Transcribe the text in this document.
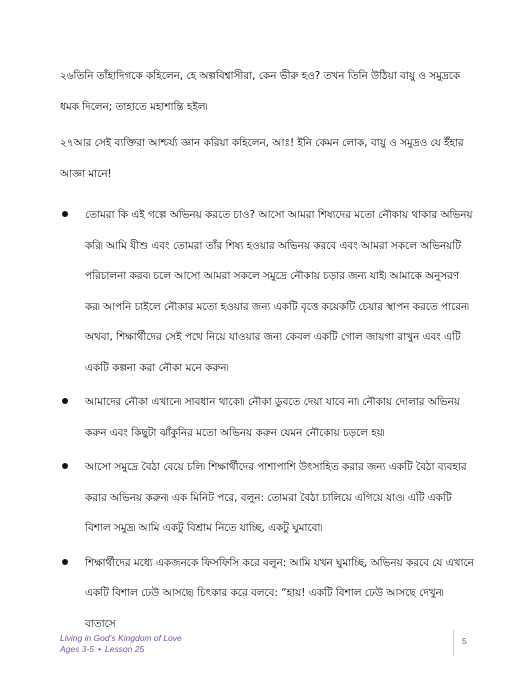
২৬তিনি তাঁহাদিগকে কহিলেন, হে অল্পবিশ্বাসীরা, কেন ভীরু হও? তখন তিনি উঠিয়া বায়ু ও সমুদ্রকে ধমক দিলেন; তাহাতে মহাশান্তি হইল৷

২৭আর সেই ব্যক্তিরা আশ্চর্য্য জ্ঞান করিয়া কহিলেন, আঃ! ইনি কেমন লোক, বায়ু ও সমুদ্রও যে ইঁহার আজ্ঞা মানে!

তোমরা কি এই গল্পে অভিনয় করতে চাও? আসো আমরা শিষ্যদের মতো নৌকায় থাকার অভিনয় করি৷ আমি যীশু এবং তোমরা তাঁর শিষ্য হওয়ার অভিনয় করবে এবং আমরা সকলে অভিনয়টি পরিচালনা করব৷ চলে আসো আমরা সকলে সমুদ্রে নৌকায় চড়ার জন্য যাই৷ আমাকে অনুসরণ কর৷ আপনি চাইলে নৌকার মতো হওয়ার জন্য একটি বৃত্তে কয়েকটি চেয়ার স্থাপন করতে পারেন৷ অথবা, শিক্ষার্থীদের সেই পথে নিয়ে যাওয়ার জন্য কেবল একটি গোল জায়গা রাখুন এবং এটি একটি কল্পনা করা নৌকা মনে করুন৷
আমাদের নৌকা এখানে৷ সাবধান থাকো৷ নৌকা ডুবতে দেয়া যাবে না৷ নৌকায় দোলার অভিনয় করুন এবং কিছুটা ঝাঁকুনির মতো অভিনয় করুন যেমন নৌকোয় চড়লে হয়৷
আসো সমুদ্রে বৈঠা বেয়ে চলি৷ শিক্ষার্থীদের পাশাপাশি উৎসাহিত করার জন্য একটি বৈঠা ব্যবহার করার অভিনয় করুন৷ এক মিনিট পরে, বলুন: তোমরা বৈঠা চালিয়ে এগিয়ে যাও৷ এটি একটি বিশাল সমুদ্র৷ আমি একটু বিশ্রাম নিতে যাচ্ছি, একটু ঘুমাবো৷
শিক্ষার্থীদের মধ্যে একজনকে ফিসফিসি করে বলুন: আমি যখন ঘুমাচ্ছি, অভিনয় করবে যে এখানে একটি বিশাল ঢেউ আসছে৷ চিৎকার করে বলবে: “হায়! একটি বিশাল ঢেউ আসছে দেখুন৷ বাতাসে
Living in God’s Kingdom of Love
Ages 3-5 • Lesson 25
5
